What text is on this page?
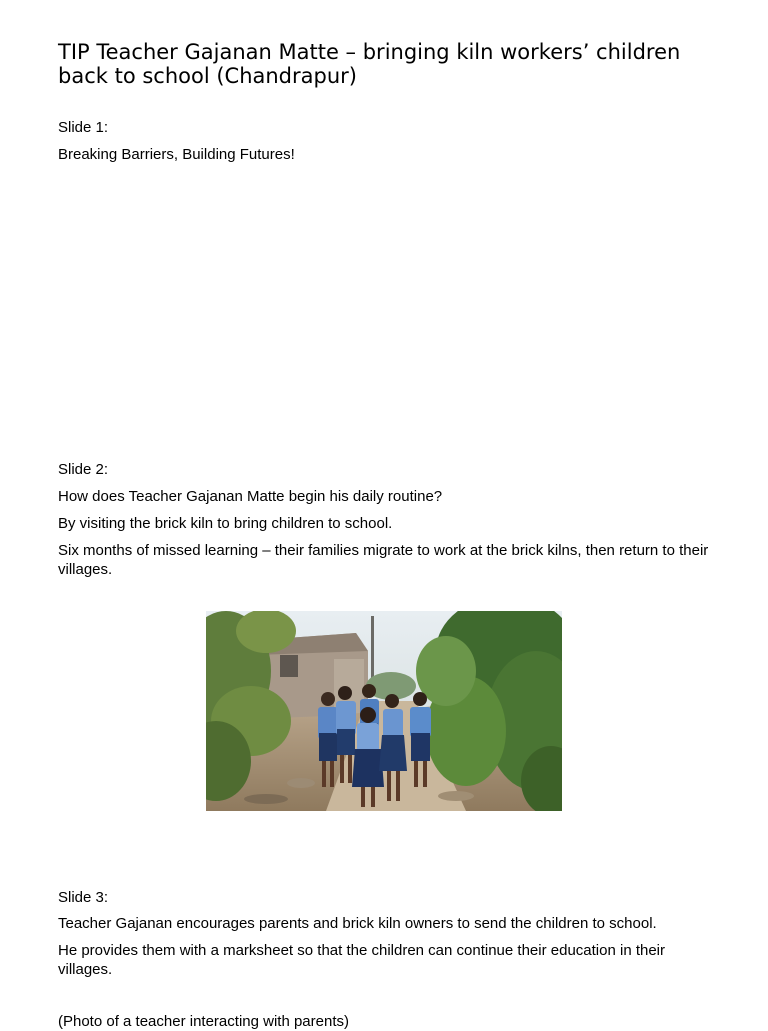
TIP Teacher Gajanan Matte – bringing kiln workers’ children back to school (Chandrapur)

Slide 1:

Breaking Barriers, Building Futures!

Slide 2:

How does Teacher Gajanan Matte begin his daily routine?

By visiting the brick kiln to bring children to school.

Six months of missed learning – their families migrate to work at the brick kilns, then return to their villages.

Slide 3:

Teacher Gajanan encourages parents and brick kiln owners to send the children to school.

He provides them with a marksheet so that the children can continue their education in their villages.

(Photo of a teacher interacting with parents)
